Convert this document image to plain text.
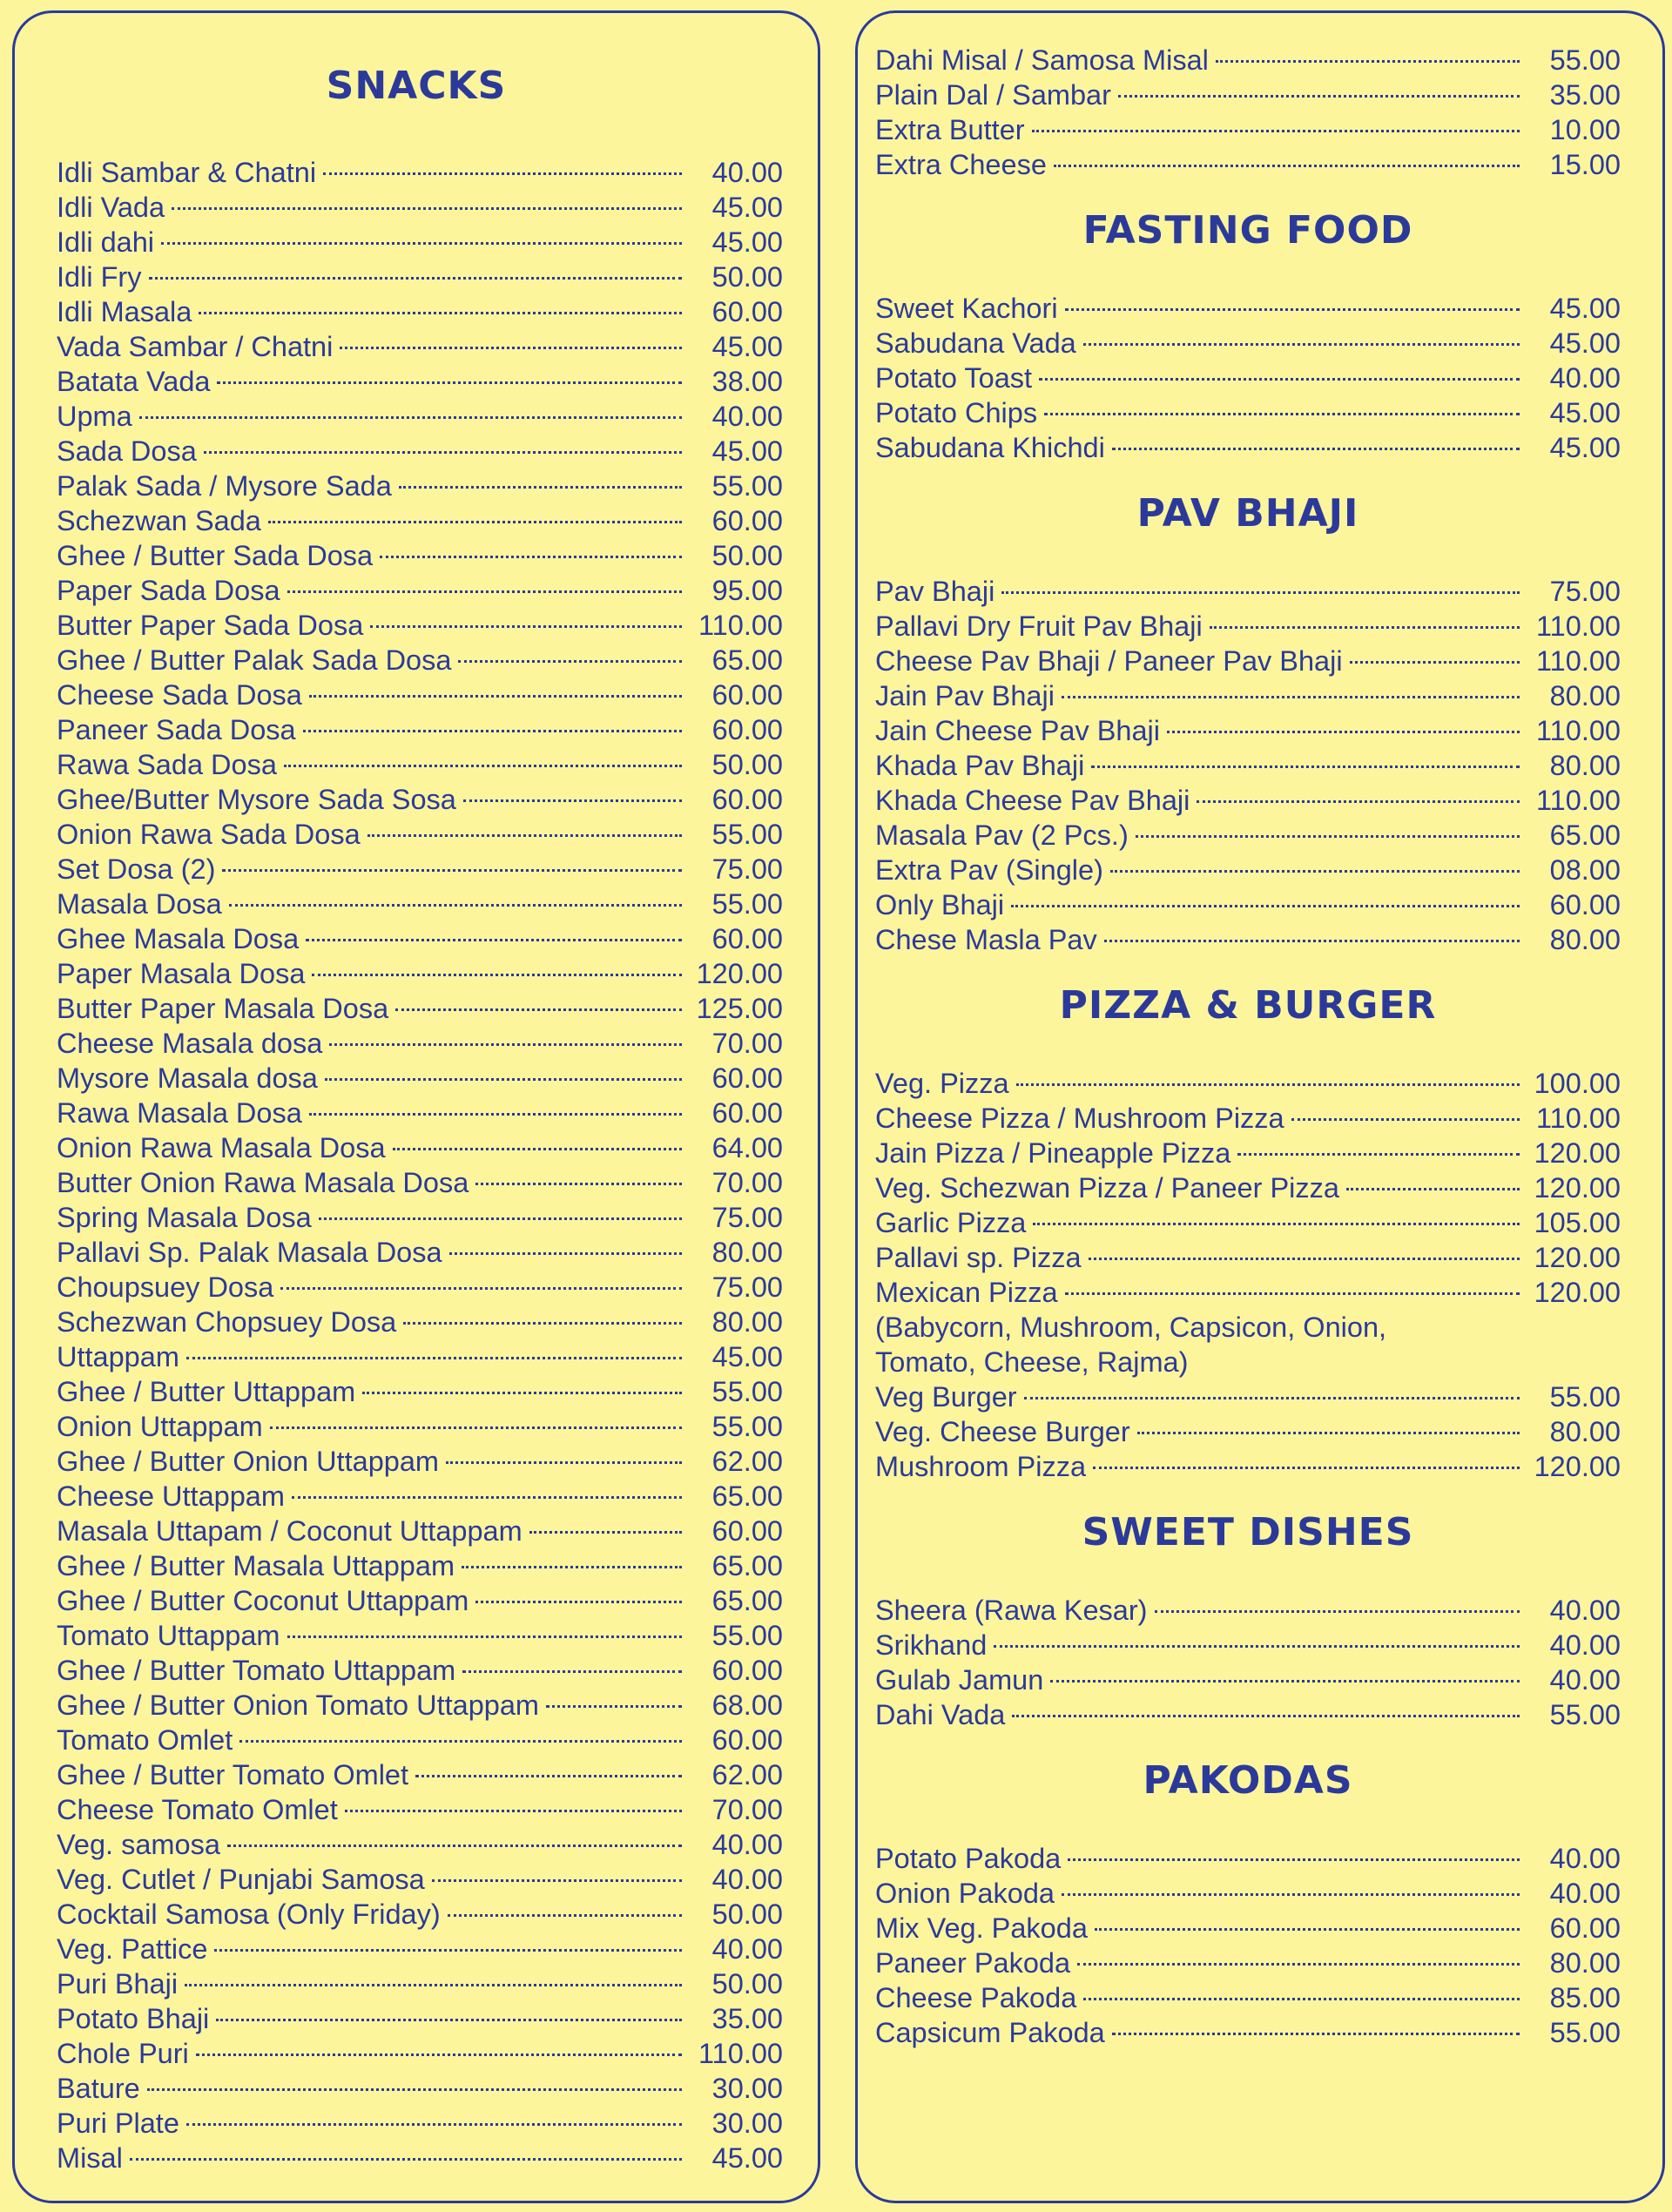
SNACKS
Idli Sambar & Chatni	40.00
Idli Vada	45.00
Idli dahi	45.00
Idli Fry	50.00
Idli Masala	60.00
Vada Sambar / Chatni	45.00
Batata Vada	38.00
Upma	40.00
Sada Dosa	45.00
Palak Sada / Mysore Sada	55.00
Schezwan Sada	60.00
Ghee / Butter Sada Dosa	50.00
Paper Sada Dosa	95.00
Butter Paper Sada Dosa	110.00
Ghee / Butter Palak Sada Dosa	65.00
Cheese Sada Dosa	60.00
Paneer Sada Dosa	60.00
Rawa Sada Dosa	50.00
Ghee/Butter Mysore Sada Sosa	60.00
Onion Rawa Sada Dosa	55.00
Set Dosa (2)	75.00
Masala Dosa	55.00
Ghee Masala Dosa	60.00
Paper Masala Dosa	120.00
Butter Paper Masala Dosa	125.00
Cheese Masala dosa	70.00
Mysore Masala dosa	60.00
Rawa Masala Dosa	60.00
Onion Rawa Masala Dosa	64.00
Butter Onion Rawa Masala Dosa	70.00
Spring Masala Dosa	75.00
Pallavi Sp. Palak Masala Dosa	80.00
Choupsuey Dosa	75.00
Schezwan Chopsuey Dosa	80.00
Uttappam	45.00
Ghee / Butter Uttappam	55.00
Onion Uttappam	55.00
Ghee / Butter Onion Uttappam	62.00
Cheese Uttappam	65.00
Masala Uttapam / Coconut Uttappam	60.00
Ghee / Butter Masala Uttappam	65.00
Ghee / Butter Coconut Uttappam	65.00
Tomato Uttappam	55.00
Ghee / Butter Tomato Uttappam	60.00
Ghee / Butter Onion Tomato Uttappam	68.00
Tomato Omlet	60.00
Ghee / Butter Tomato Omlet	62.00
Cheese Tomato Omlet	70.00
Veg. samosa	40.00
Veg. Cutlet / Punjabi Samosa	40.00
Cocktail Samosa (Only Friday)	50.00
Veg. Pattice	40.00
Puri Bhaji	50.00
Potato Bhaji	35.00
Chole Puri	110.00
Bature	30.00
Puri Plate	30.00
Misal	45.00
Dahi Misal / Samosa Misal	55.00
Plain Dal / Sambar	35.00
Extra Butter	10.00
Extra Cheese	15.00
FASTING FOOD
Sweet Kachori	45.00
Sabudana Vada	45.00
Potato Toast	40.00
Potato Chips	45.00
Sabudana Khichdi	45.00
PAV BHAJI
Pav Bhaji	75.00
Pallavi Dry Fruit Pav Bhaji	110.00
Cheese Pav Bhaji / Paneer Pav Bhaji	110.00
Jain Pav Bhaji	80.00
Jain Cheese Pav Bhaji	110.00
Khada Pav Bhaji	80.00
Khada Cheese Pav Bhaji	110.00
Masala Pav (2 Pcs.)	65.00
Extra Pav (Single)	08.00
Only Bhaji	60.00
Chese Masla Pav	80.00
PIZZA & BURGER
Veg. Pizza	100.00
Cheese Pizza / Mushroom Pizza	110.00
Jain Pizza / Pineapple Pizza	120.00
Veg. Schezwan Pizza / Paneer Pizza	120.00
Garlic Pizza	105.00
Pallavi sp. Pizza	120.00
Mexican Pizza	120.00
(Babycorn, Mushroom, Capsicon, Onion,
Tomato, Cheese, Rajma)
Veg Burger	55.00
Veg. Cheese Burger	80.00
Mushroom Pizza	120.00
SWEET DISHES
Sheera (Rawa Kesar)	40.00
Srikhand	40.00
Gulab Jamun	40.00
Dahi Vada	55.00
PAKODAS
Potato Pakoda	40.00
Onion Pakoda	40.00
Mix Veg. Pakoda	60.00
Paneer Pakoda	80.00
Cheese Pakoda	85.00
Capsicum Pakoda	55.00
